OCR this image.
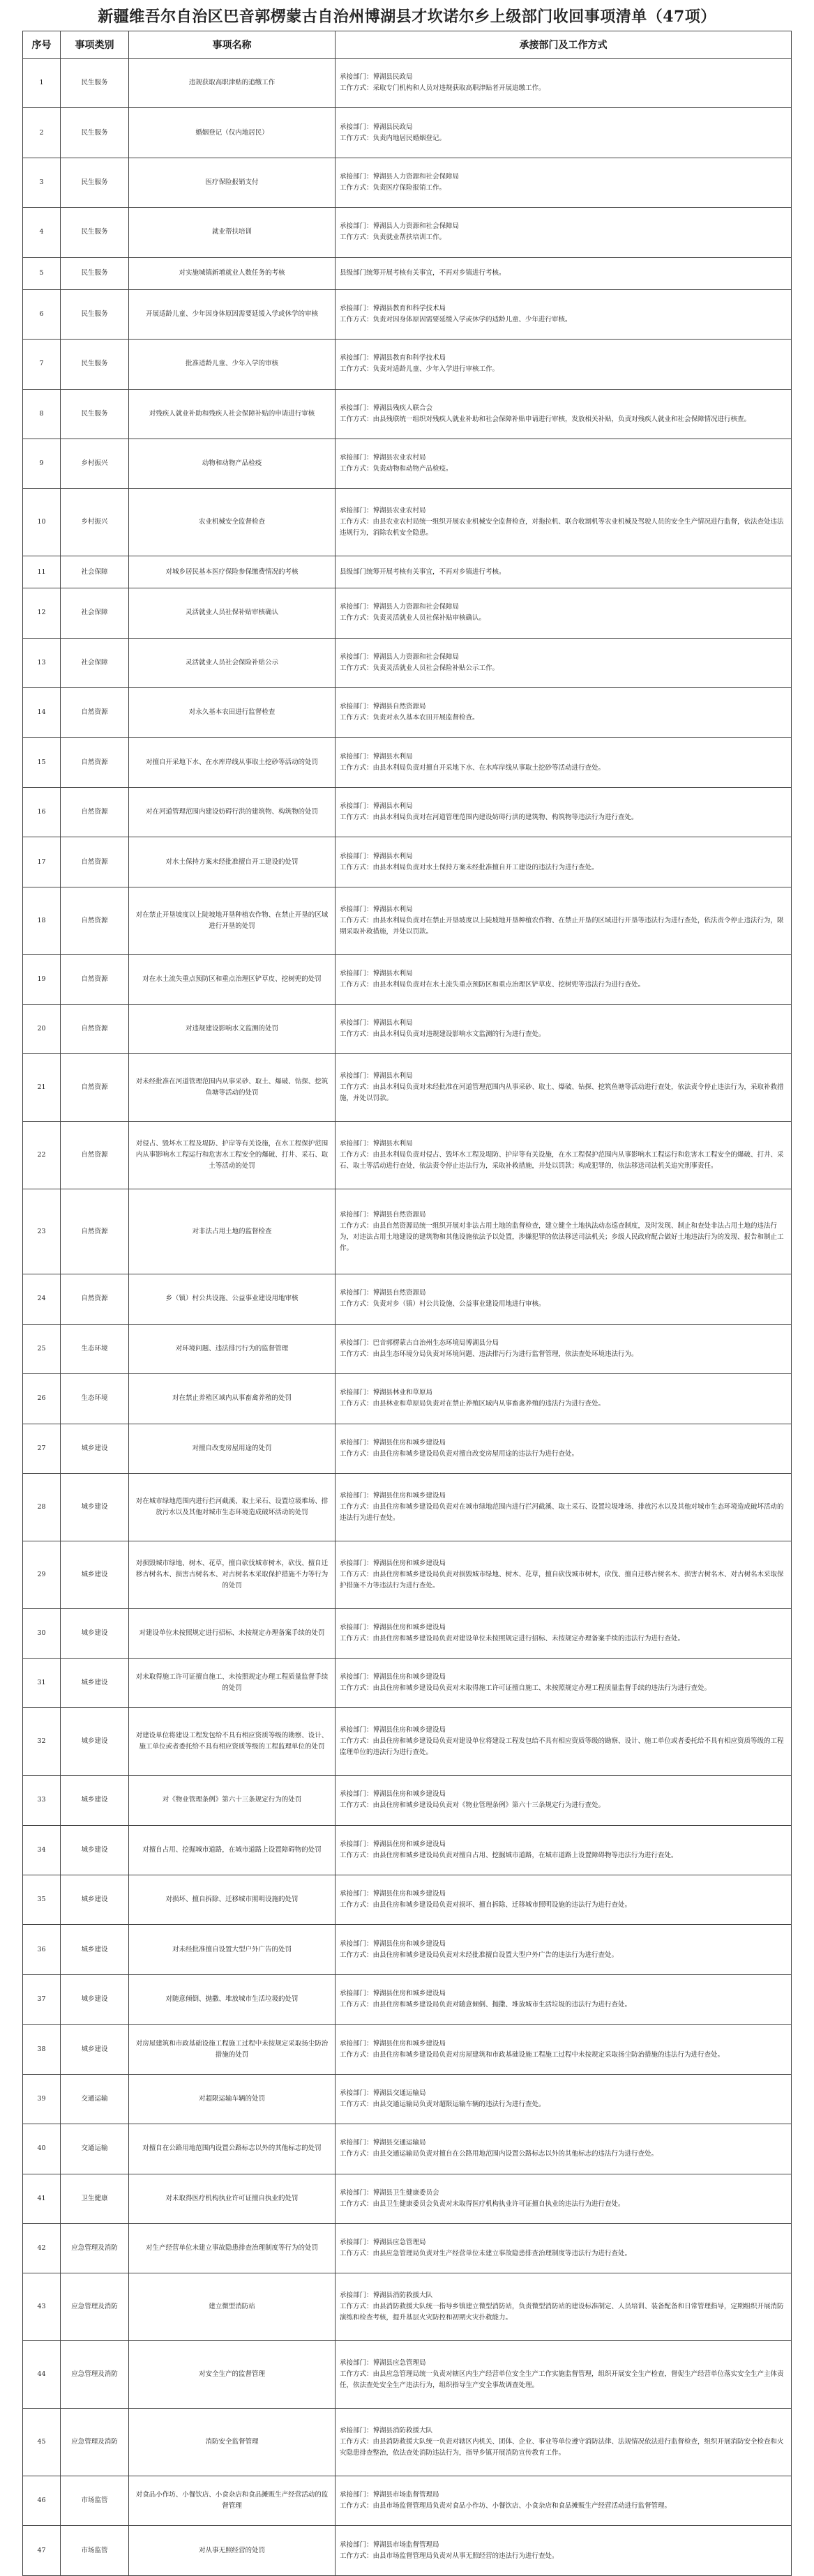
新疆维吾尔自治区巴音郭楞蒙古自治州博湖县才坎诺尔乡上级部门收回事项清单（47项）
序号	事项类别	事项名称	承接部门及工作方式
1	民生服务	违规获取高职津贴的追缴工作	承接部门：博湖县民政局
工作方式：采取专门机构和人员对违规获取高职津贴者开展追缴工作。

2	民生服务	婚姻登记（仅内地居民）	承接部门：博湖县民政局
工作方式：负责内地居民婚姻登记。

3	民生服务	医疗保险报销支付	承接部门：博湖县人力资源和社会保障局
工作方式：负责医疗保险报销工作。

4	民生服务	就业帮扶培训	承接部门：博湖县人力资源和社会保障局
工作方式：负责就业帮扶培训工作。

5	民生服务	对实施城镇新增就业人数任务的考核	县级部门统筹开展考核有关事宜，不再对乡镇进行考核。

6	民生服务	开展适龄儿童、少年因身体原因需要延缓入学或休学的审核	承接部门：博湖县教育和科学技术局
工作方式：负责对因身体原因需要延缓入学或休学的适龄儿童、少年进行审核。

7	民生服务	批准适龄儿童、少年入学的审核	承接部门：博湖县教育和科学技术局
工作方式：负责对适龄儿童、少年入学进行审核工作。

8	民生服务	对残疾人就业补助和残疾人社会保障补贴的申请进行审核	承接部门：博湖县残疾人联合会
工作方式：由县残联统一组织对残疾人就业补助和社会保障补贴申请进行审核，发放相关补贴，负责对残疾人就业和社会保障情况进行核查。

9	乡村振兴	动物和动物产品检疫	承接部门：博湖县农业农村局
工作方式：负责动物和动物产品检疫。

10	乡村振兴	农业机械安全监督检查	承接部门：博湖县农业农村局
工作方式：由县农业农村局统一组织开展农业机械安全监督检查，对拖拉机、联合收割机等农业机械及驾驶人员的安全生产情况进行监督，依法查处违法违规行为，消除农机安全隐患。

11	社会保障	对城乡居民基本医疗保险参保缴费情况的考核	县级部门统筹开展考核有关事宜，不再对乡镇进行考核。

12	社会保障	灵活就业人员社保补贴审核确认	承接部门：博湖县人力资源和社会保障局
工作方式：负责灵活就业人员社保补贴审核确认。

13	社会保障	灵活就业人员社会保险补贴公示	承接部门：博湖县人力资源和社会保障局
工作方式：负责灵活就业人员社会保险补贴公示工作。

14	自然资源	对永久基本农田进行监督检查	承接部门：博湖县自然资源局
工作方式：负责对永久基本农田开展监督检查。

15	自然资源	对擅自开采地下水、在水库岸线从事取土挖砂等活动的处罚	承接部门：博湖县水利局
工作方式：由县水利局负责对擅自开采地下水、在水库岸线从事取土挖砂等活动进行查处。

16	自然资源	对在河道管理范围内建设妨碍行洪的建筑物、构筑物的处罚	承接部门：博湖县水利局
工作方式：由县水利局负责对在河道管理范围内建设妨碍行洪的建筑物、构筑物等违法行为进行查处。

17	自然资源	对水土保持方案未经批准擅自开工建设的处罚	承接部门：博湖县水利局
工作方式：由县水利局负责对水土保持方案未经批准擅自开工建设的违法行为进行查处。

18	自然资源	对在禁止开垦坡度以上陡坡地开垦种植农作物、在禁止开垦的区域进行开垦的处罚	承接部门：博湖县水利局
工作方式：由县水利局负责对在禁止开垦坡度以上陡坡地开垦种植农作物、在禁止开垦的区域进行开垦等违法行为进行查处，依法责令停止违法行为，限期采取补救措施，并处以罚款。

19	自然资源	对在水土流失重点预防区和重点治理区铲草皮、挖树兜的处罚	承接部门：博湖县水利局
工作方式：由县水利局负责对在水土流失重点预防区和重点治理区铲草皮、挖树兜等违法行为进行查处。

20	自然资源	对违规建设影响水文监测的处罚	承接部门：博湖县水利局
工作方式：由县水利局负责对违规建设影响水文监测的行为进行查处。

21	自然资源	对未经批准在河道管理范围内从事采砂、取土、爆破、钻探、挖筑鱼塘等活动的处罚	承接部门：博湖县水利局
工作方式：由县水利局负责对未经批准在河道管理范围内从事采砂、取土、爆破、钻探、挖筑鱼塘等活动进行查处，依法责令停止违法行为，采取补救措施，并处以罚款。

22	自然资源	对侵占、毁坏水工程及堤防、护岸等有关设施，在水工程保护范围内从事影响水工程运行和危害水工程安全的爆破、打井、采石、取土等活动的处罚	承接部门：博湖县水利局
工作方式：由县水利局负责对侵占、毁坏水工程及堤防、护岸等有关设施，在水工程保护范围内从事影响水工程运行和危害水工程安全的爆破、打井、采石、取土等活动进行查处，依法责令停止违法行为，采取补救措施，并处以罚款；构成犯罪的，依法移送司法机关追究刑事责任。

23	自然资源	对非法占用土地的监督检查	承接部门：博湖县自然资源局
工作方式：由县自然资源局统一组织开展对非法占用土地的监督检查，建立健全土地执法动态巡查制度，及时发现、制止和查处非法占用土地的违法行为，对违法占用土地建设的建筑物和其他设施依法予以处置，涉嫌犯罪的依法移送司法机关；乡级人民政府配合做好土地违法行为的发现、报告和制止工作。

24	自然资源	乡（镇）村公共设施、公益事业建设用地审核	承接部门：博湖县自然资源局
工作方式：负责对乡（镇）村公共设施、公益事业建设用地进行审核。

25	生态环境	对环境问题、违法排污行为的监督管理	承接部门：巴音郭楞蒙古自治州生态环境局博湖县分局
工作方式：由县生态环境分局负责对环境问题、违法排污行为进行监督管理，依法查处环境违法行为。

26	生态环境	对在禁止养殖区域内从事畜禽养殖的处罚	承接部门：博湖县林业和草原局
工作方式：由县林业和草原局负责对在禁止养殖区域内从事畜禽养殖的违法行为进行查处。

27	城乡建设	对擅自改变房屋用途的处罚	承接部门：博湖县住房和城乡建设局
工作方式：由县住房和城乡建设局负责对擅自改变房屋用途的违法行为进行查处。

28	城乡建设	对在城市绿地范围内进行拦河截溪、取土采石、设置垃圾堆场、排放污水以及其他对城市生态环境造成破坏活动的处罚	承接部门：博湖县住房和城乡建设局
工作方式：由县住房和城乡建设局负责对在城市绿地范围内进行拦河截溪、取土采石、设置垃圾堆场、排放污水以及其他对城市生态环境造成破坏活动的违法行为进行查处。

29	城乡建设	对损毁城市绿地、树木、花草，擅自砍伐城市树木，砍伐、擅自迁移古树名木、损害古树名木、对古树名木采取保护措施不力等行为的处罚	承接部门：博湖县住房和城乡建设局
工作方式：由县住房和城乡建设局负责对损毁城市绿地、树木、花草，擅自砍伐城市树木，砍伐、擅自迁移古树名木、损害古树名木、对古树名木采取保护措施不力等违法行为进行查处。

30	城乡建设	对建设单位未按照规定进行招标、未按规定办理备案手续的处罚	承接部门：博湖县住房和城乡建设局
工作方式：由县住房和城乡建设局负责对建设单位未按照规定进行招标、未按规定办理备案手续的违法行为进行查处。

31	城乡建设	对未取得施工许可证擅自施工、未按照规定办理工程质量监督手续的处罚	承接部门：博湖县住房和城乡建设局
工作方式：由县住房和城乡建设局负责对未取得施工许可证擅自施工、未按照规定办理工程质量监督手续的违法行为进行查处。

32	城乡建设	对建设单位将建设工程发包给不具有相应资质等级的勘察、设计、施工单位或者委托给不具有相应资质等级的工程监理单位的处罚	承接部门：博湖县住房和城乡建设局
工作方式：由县住房和城乡建设局负责对建设单位将建设工程发包给不具有相应资质等级的勘察、设计、施工单位或者委托给不具有相应资质等级的工程监理单位的违法行为进行查处。

33	城乡建设	对《物业管理条例》第六十三条规定行为的处罚	承接部门：博湖县住房和城乡建设局
工作方式：由县住房和城乡建设局负责对《物业管理条例》第六十三条规定行为进行查处。

34	城乡建设	对擅自占用、挖掘城市道路，在城市道路上设置障碍物的处罚	承接部门：博湖县住房和城乡建设局
工作方式：由县住房和城乡建设局负责对擅自占用、挖掘城市道路，在城市道路上设置障碍物等违法行为进行查处。

35	城乡建设	对损坏、擅自拆除、迁移城市照明设施的处罚	承接部门：博湖县住房和城乡建设局
工作方式：由县住房和城乡建设局负责对损坏、擅自拆除、迁移城市照明设施的违法行为进行查处。

36	城乡建设	对未经批准擅自设置大型户外广告的处罚	承接部门：博湖县住房和城乡建设局
工作方式：由县住房和城乡建设局负责对未经批准擅自设置大型户外广告的违法行为进行查处。

37	城乡建设	对随意倾倒、抛撒、堆放城市生活垃圾的处罚	承接部门：博湖县住房和城乡建设局
工作方式：由县住房和城乡建设局负责对随意倾倒、抛撒、堆放城市生活垃圾的违法行为进行查处。

38	城乡建设	对房屋建筑和市政基础设施工程施工过程中未按规定采取扬尘防治措施的处罚	承接部门：博湖县住房和城乡建设局
工作方式：由县住房和城乡建设局负责对房屋建筑和市政基础设施工程施工过程中未按规定采取扬尘防治措施的违法行为进行查处。

39	交通运输	对超限运输车辆的处罚	承接部门：博湖县交通运输局
工作方式：由县交通运输局负责对超限运输车辆的违法行为进行查处。

40	交通运输	对擅自在公路用地范围内设置公路标志以外的其他标志的处罚	承接部门：博湖县交通运输局
工作方式：由县交通运输局负责对擅自在公路用地范围内设置公路标志以外的其他标志的违法行为进行查处。

41	卫生健康	对未取得医疗机构执业许可证擅自执业的处罚	承接部门：博湖县卫生健康委员会
工作方式：由县卫生健康委员会负责对未取得医疗机构执业许可证擅自执业的违法行为进行查处。

42	应急管理及消防	对生产经营单位未建立事故隐患排查治理制度等行为的处罚	承接部门：博湖县应急管理局
工作方式：由县应急管理局负责对生产经营单位未建立事故隐患排查治理制度等违法行为进行查处。

43	应急管理及消防	建立微型消防站	承接部门：博湖县消防救援大队
工作方式：由县消防救援大队统一指导乡镇建立微型消防站，负责微型消防站的建设标准制定、人员培训、装备配备和日常管理指导，定期组织开展消防演练和检查考核，提升基层火灾防控和初期火灾扑救能力。

44	应急管理及消防	对安全生产的监督管理	承接部门：博湖县应急管理局
工作方式：由县应急管理局统一负责对辖区内生产经营单位安全生产工作实施监督管理，组织开展安全生产检查，督促生产经营单位落实安全生产主体责任，依法查处安全生产违法行为，组织指导生产安全事故调查处理。

45	应急管理及消防	消防安全监督管理	承接部门：博湖县消防救援大队
工作方式：由县消防救援大队统一负责对辖区内机关、团体、企业、事业等单位遵守消防法律、法规情况依法进行监督检查，组织开展消防安全检查和火灾隐患排查整治，依法查处消防违法行为，指导乡镇开展消防宣传教育工作。

46	市场监管	对食品小作坊、小餐饮店、小食杂店和食品摊贩生产经营活动的监督管理	承接部门：博湖县市场监督管理局
工作方式：由县市场监督管理局负责对食品小作坊、小餐饮店、小食杂店和食品摊贩生产经营活动进行监督管理。

47	市场监管	对从事无照经营的处罚	承接部门：博湖县市场监督管理局
工作方式：由县市场监督管理局负责对从事无照经营的违法行为进行查处。
